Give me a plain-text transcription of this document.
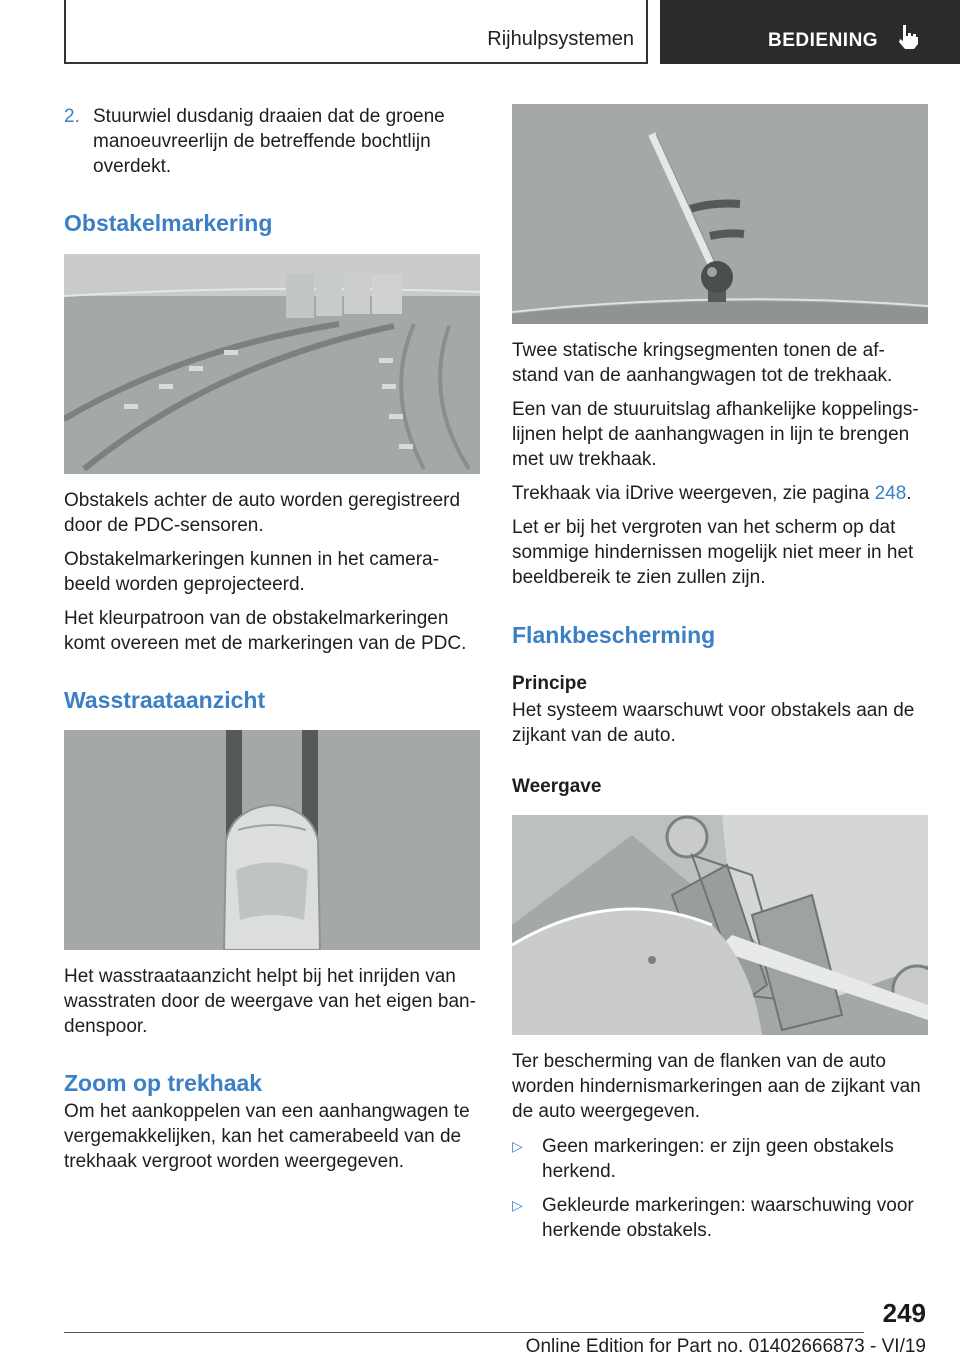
Rijhulpsystemen	BEDIENING
2. Stuurwiel dusdanig draaien dat de groene manoeuvreerlijn de betreffende bochtlijn overdekt.

Obstakelmarkering

Obstakels achter de auto worden geregistreerd door de PDC-sensoren.

Obstakelmarkeringen kunnen in het camera-beeld worden geprojecteerd.

Het kleurpatroon van de obstakelmarkeringen komt overeen met de markeringen van de PDC.

Wasstraataanzicht

Het wasstraataanzicht helpt bij het inrijden van wasstraten door de weergave van het eigen ban-denspoor.

Zoom op trekhaak

Om het aankoppelen van een aanhangwagen te vergemakkelijken, kan het camerabeeld van de trekhaak vergroot worden weergegeven.

Twee statische kringsegmenten tonen de af-stand van de aanhangwagen tot de trekhaak.

Een van de stuuruitslag afhankelijke koppelings-lijnen helpt de aanhangwagen in lijn te brengen met uw trekhaak.

Trekhaak via iDrive weergeven, zie pagina 248.

Let er bij het vergroten van het scherm op dat sommige hindernissen mogelijk niet meer in het beeldbereik te zien zullen zijn.

Flankbescherming
Principe

Het systeem waarschuwt voor obstakels aan de zijkant van de auto.

Weergave

Ter bescherming van de flanken van de auto worden hindernismarkeringen aan de zijkant van de auto weergegeven.

▷	Geen markeringen: er zijn geen obstakels herkend.

▷	Gekleurde markeringen: waarschuwing voor herkende obstakels.

249
Online Edition for Part no. 01402666873 - VI/19
